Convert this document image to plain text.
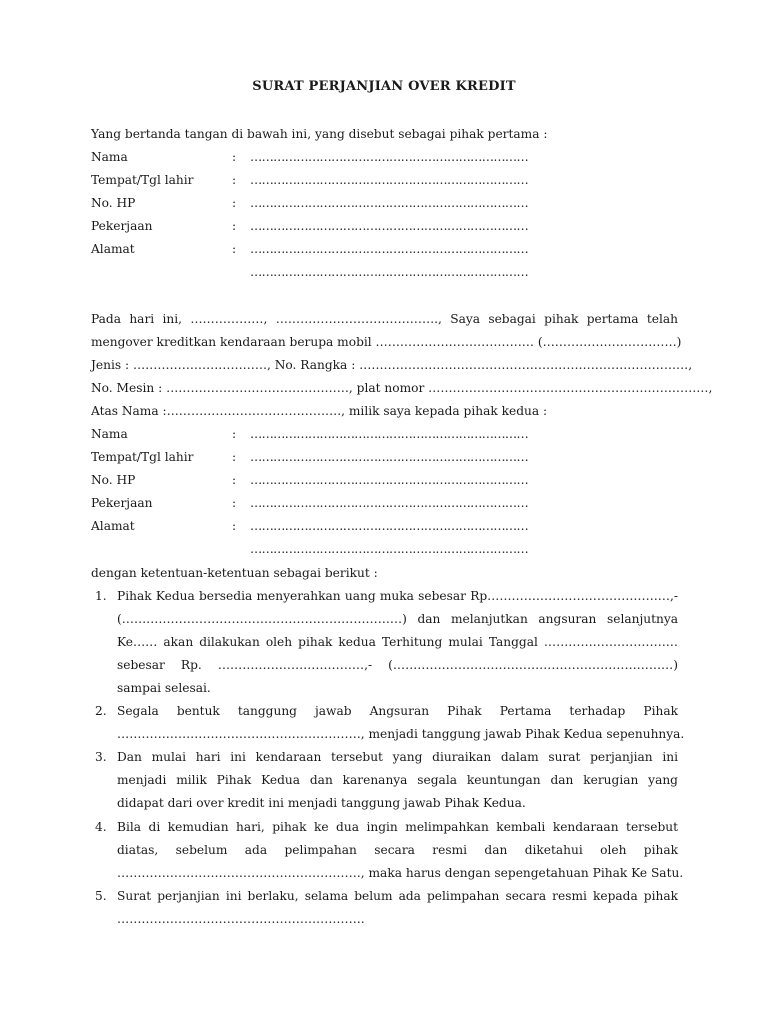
SURAT PERJANJIAN OVER KREDIT
Yang bertanda tangan di bawah ini, yang disebut sebagai pihak pertama :
Nama	: ………………………………………………………………
Tempat/Tgl lahir	: ………………………………………………………………
No. HP	: ………………………………………………………………
Pekerjaan	: ………………………………………………………………
Alamat	: ………………………………………………………………
………………………………………………………………
Pada hari ini, ………………, …………………………………., Saya sebagai pihak pertama telah
mengover kreditkan kendaraan berupa mobil ………………………………… (……………………………)
Jenis : ……………………………, No. Rangka : ………………………………………………………………………,
No. Mesin : ………………………………………, plat nomor ……………………………………………………………,
Atas Nama :……………………………………., milik saya kepada pihak kedua :
Nama	: ………………………………………………………………
Tempat/Tgl lahir	: ………………………………………………………………
No. HP	: ………………………………………………………………
Pekerjaan	: ………………………………………………………………
Alamat	: ………………………………………………………………
………………………………………………………………
dengan ketentuan-ketentuan sebagai berikut :
1. Pihak Kedua bersedia menyerahkan uang muka sebesar Rp………………………………………,-
(……………………………………………………………) dan melanjutkan angsuran selanjutnya
Ke…… akan dilakukan oleh pihak kedua Terhitung mulai Tanggal ……………………………
sebesar Rp. ………………………………,- (……………………………………………………………)
sampai selesai.
2. Segala bentuk tanggung jawab Angsuran Pihak Pertama terhadap Pihak
……………………………………………………, menjadi tanggung jawab Pihak Kedua sepenuhnya.
3. Dan mulai hari ini kendaraan tersebut yang diuraikan dalam surat perjanjian ini
menjadi milik Pihak Kedua dan karenanya segala keuntungan dan kerugian yang
didapat dari over kredit ini menjadi tanggung jawab Pihak Kedua.
4. Bila di kemudian hari, pihak ke dua ingin melimpahkan kembali kendaraan tersebut
diatas, sebelum ada pelimpahan secara resmi dan diketahui oleh pihak
……………………………………………………, maka harus dengan sepengetahuan Pihak Ke Satu.
5. Surat perjanjian ini berlaku, selama belum ada pelimpahan secara resmi kepada pihak
…………………………………………………….
